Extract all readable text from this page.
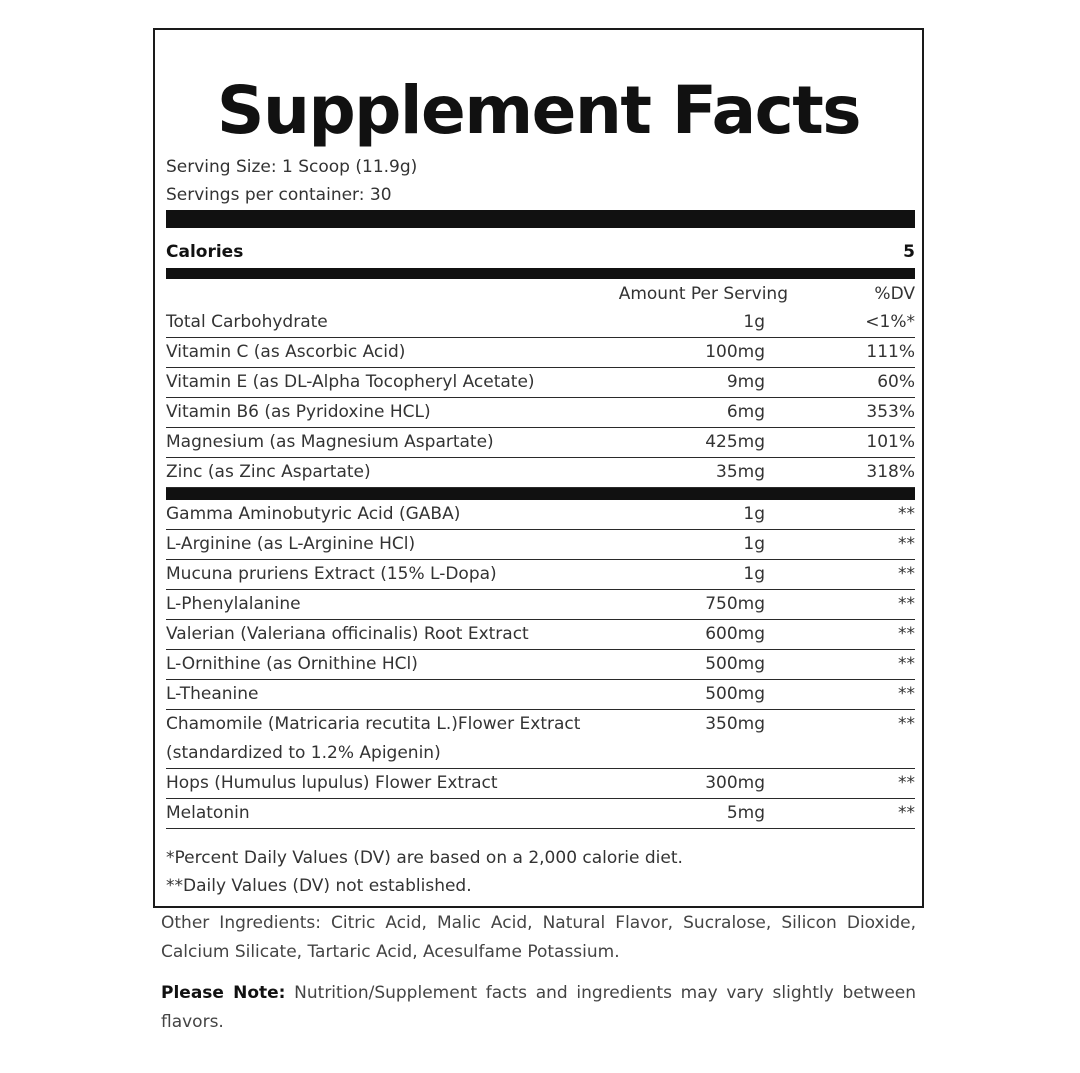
Supplement Facts
Serving Size: 1 Scoop (11.9g)
Servings per container: 30
Calories	5
Amount Per Serving	%DV
Total Carbohydrate	1g	<1%*
Vitamin C (as Ascorbic Acid)	100mg	111%
Vitamin E (as DL-Alpha Tocopheryl Acetate)	9mg	60%
Vitamin B6 (as Pyridoxine HCL)	6mg	353%
Magnesium (as Magnesium Aspartate)	425mg	101%
Zinc (as Zinc Aspartate)	35mg	318%
Gamma Aminobutyric Acid (GABA)	1g	**
L-Arginine (as L-Arginine HCl)	1g	**
Mucuna pruriens Extract (15% L-Dopa)	1g	**
L-Phenylalanine	750mg	**
Valerian (Valeriana officinalis) Root Extract	600mg	**
L-Ornithine (as Ornithine HCl)	500mg	**
L-Theanine	500mg	**
Chamomile (Matricaria recutita L.)Flower Extract
(standardized to 1.2% Apigenin)
350mg	**
Hops (Humulus lupulus) Flower Extract	300mg	**
Melatonin	5mg	**
*Percent Daily Values (DV) are based on a 2,000 calorie diet.
**Daily Values (DV) not established.
Other Ingredients: Citric Acid, Malic Acid, Natural Flavor, Sucralose, Silicon Dioxide, Calcium Silicate, Tartaric Acid, Acesulfame Potassium.
Please Note: Nutrition/Supplement facts and ingredients may vary slightly between flavors.
